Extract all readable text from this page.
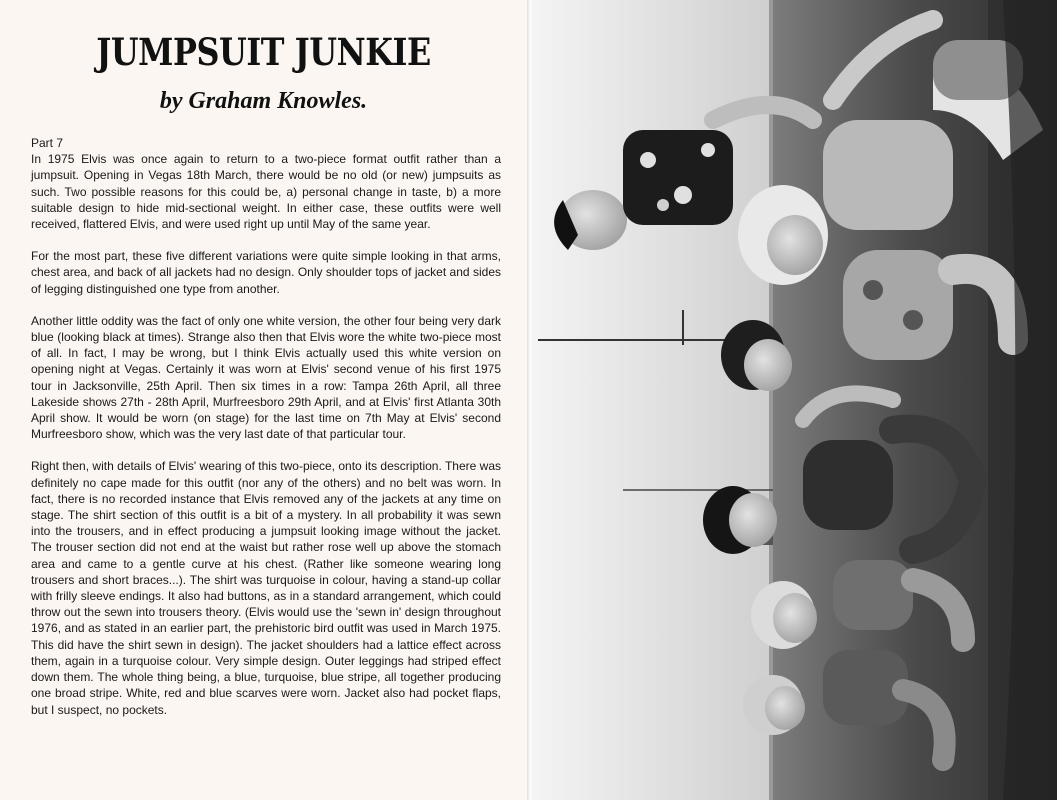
JUMPSUIT JUNKIE
by Graham Knowles.

Part 7

In 1975 Elvis was once again to return to a two-piece format outfit rather than a jumpsuit. Opening in Vegas 18th March, there would be no old (or new) jumpsuits as such. Two possible reasons for this could be, a) personal change in taste, b) a more suitable design to hide mid-sectional weight. In either case, these outfits were well received, flattered Elvis, and were used right up until May of the same year.

For the most part, these five different variations were quite simple looking in that arms, chest area, and back of all jackets had no design. Only shoulder tops of jacket and sides of legging distinguished one type from another.

Another little oddity was the fact of only one white version, the other four being very dark blue (looking black at times). Strange also then that Elvis wore the white two-piece most of all. In fact, I may be wrong, but I think Elvis actually used this white version on opening night at Vegas. Certainly it was worn at Elvis' second venue of his first 1975 tour in Jacksonville, 25th April. Then six times in a row: Tampa 26th April, all three Lakeside shows 27th - 28th April, Murfreesboro 29th April, and at Elvis' first Atlanta 30th April show. It would be worn (on stage) for the last time on 7th May at Elvis' second Murfreesboro show, which was the very last date of that particular tour.

Right then, with details of Elvis' wearing of this two-piece, onto its description. There was definitely no cape made for this outfit (nor any of the others) and no belt was worn. In fact, there is no recorded instance that Elvis removed any of the jackets at any time on stage. The shirt section of this outfit is a bit of a mystery. In all probability it was sewn into the trousers, and in effect producing a jumpsuit looking image without the jacket. The trouser section did not end at the waist but rather rose well up above the stomach area and came to a gentle curve at his chest. (Rather like someone wearing long trousers and short braces...). The shirt was turquoise in colour, having a stand-up collar with frilly sleeve endings. It also had buttons, as in a standard arrangement, which could throw out the sewn into trousers theory. (Elvis would use the 'sewn in' design throughout 1976, and as stated in an earlier part, the prehistoric bird outfit was used in March 1975. This did have the shirt sewn in design). The jacket shoulders had a lattice effect across them, again in a turquoise colour. Very simple design. Outer leggings had striped effect down them. The whole thing being, a blue, turquoise, blue stripe, all together producing one broad stripe. White, red and blue scarves were worn. Jacket also had pocket flaps, but I suspect, no pockets.
